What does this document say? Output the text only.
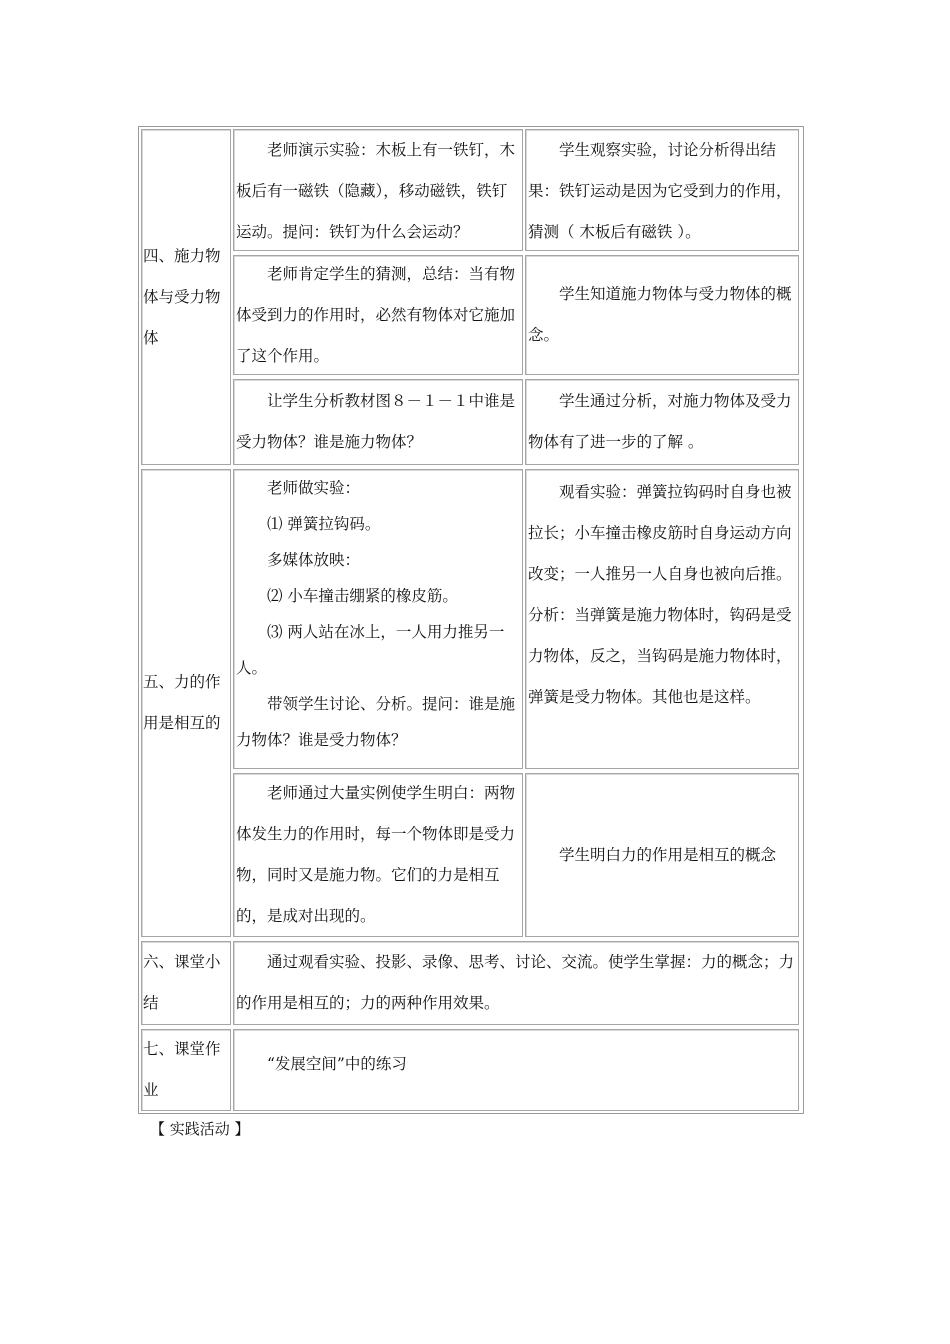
四、施力物体与受力物体

老师演示实验：木板上有一铁钉，木板后有一磁铁（隐藏），移动磁铁，铁钉运动。提问：铁钉为什么会运动？

学生观察实验，讨论分析得出结果：铁钉运动是因为它受到力的作用，猜测（ 木板后有磁铁 ）。

老师肯定学生的猜测，总结：当有物体受到力的作用时，必然有物体对它施加了这个作用。

学生知道施力物体与受力物体的概念。

让学生分析教材图８－１－１中谁是受力物体？谁是施力物体？

学生通过分析，对施力物体及受力物体有了进一步的了解 。

五、力的作用是相互的

老师做实验：

⑴ 弹簧拉钩码。

多媒体放映：

⑵ 小车撞击绷紧的橡皮筋。

⑶ 两人站在冰上，一人用力推另一人。

带领学生讨论、分析。提问：谁是施力物体？谁是受力物体？

观看实验：弹簧拉钩码时自身也被拉长；小车撞击橡皮筋时自身运动方向改变；一人推另一人自身也被向后推。分析：当弹簧是施力物体时，钩码是受力物体，反之，当钩码是施力物体时，弹簧是受力物体。其他也是这样。

老师通过大量实例使学生明白：两物体发生力的作用时，每一个物体即是受力物，同时又是施力物。它们的力是相互的，是成对出现的。

学生明白力的作用是相互的概念

六、课堂小结

通过观看实验、投影、录像、思考、讨论、交流。使学生掌握：力的概念；力的作用是相互的；力的两种作用效果。

七、课堂作业

“发展空间”中的练习

【 实践活动 】
